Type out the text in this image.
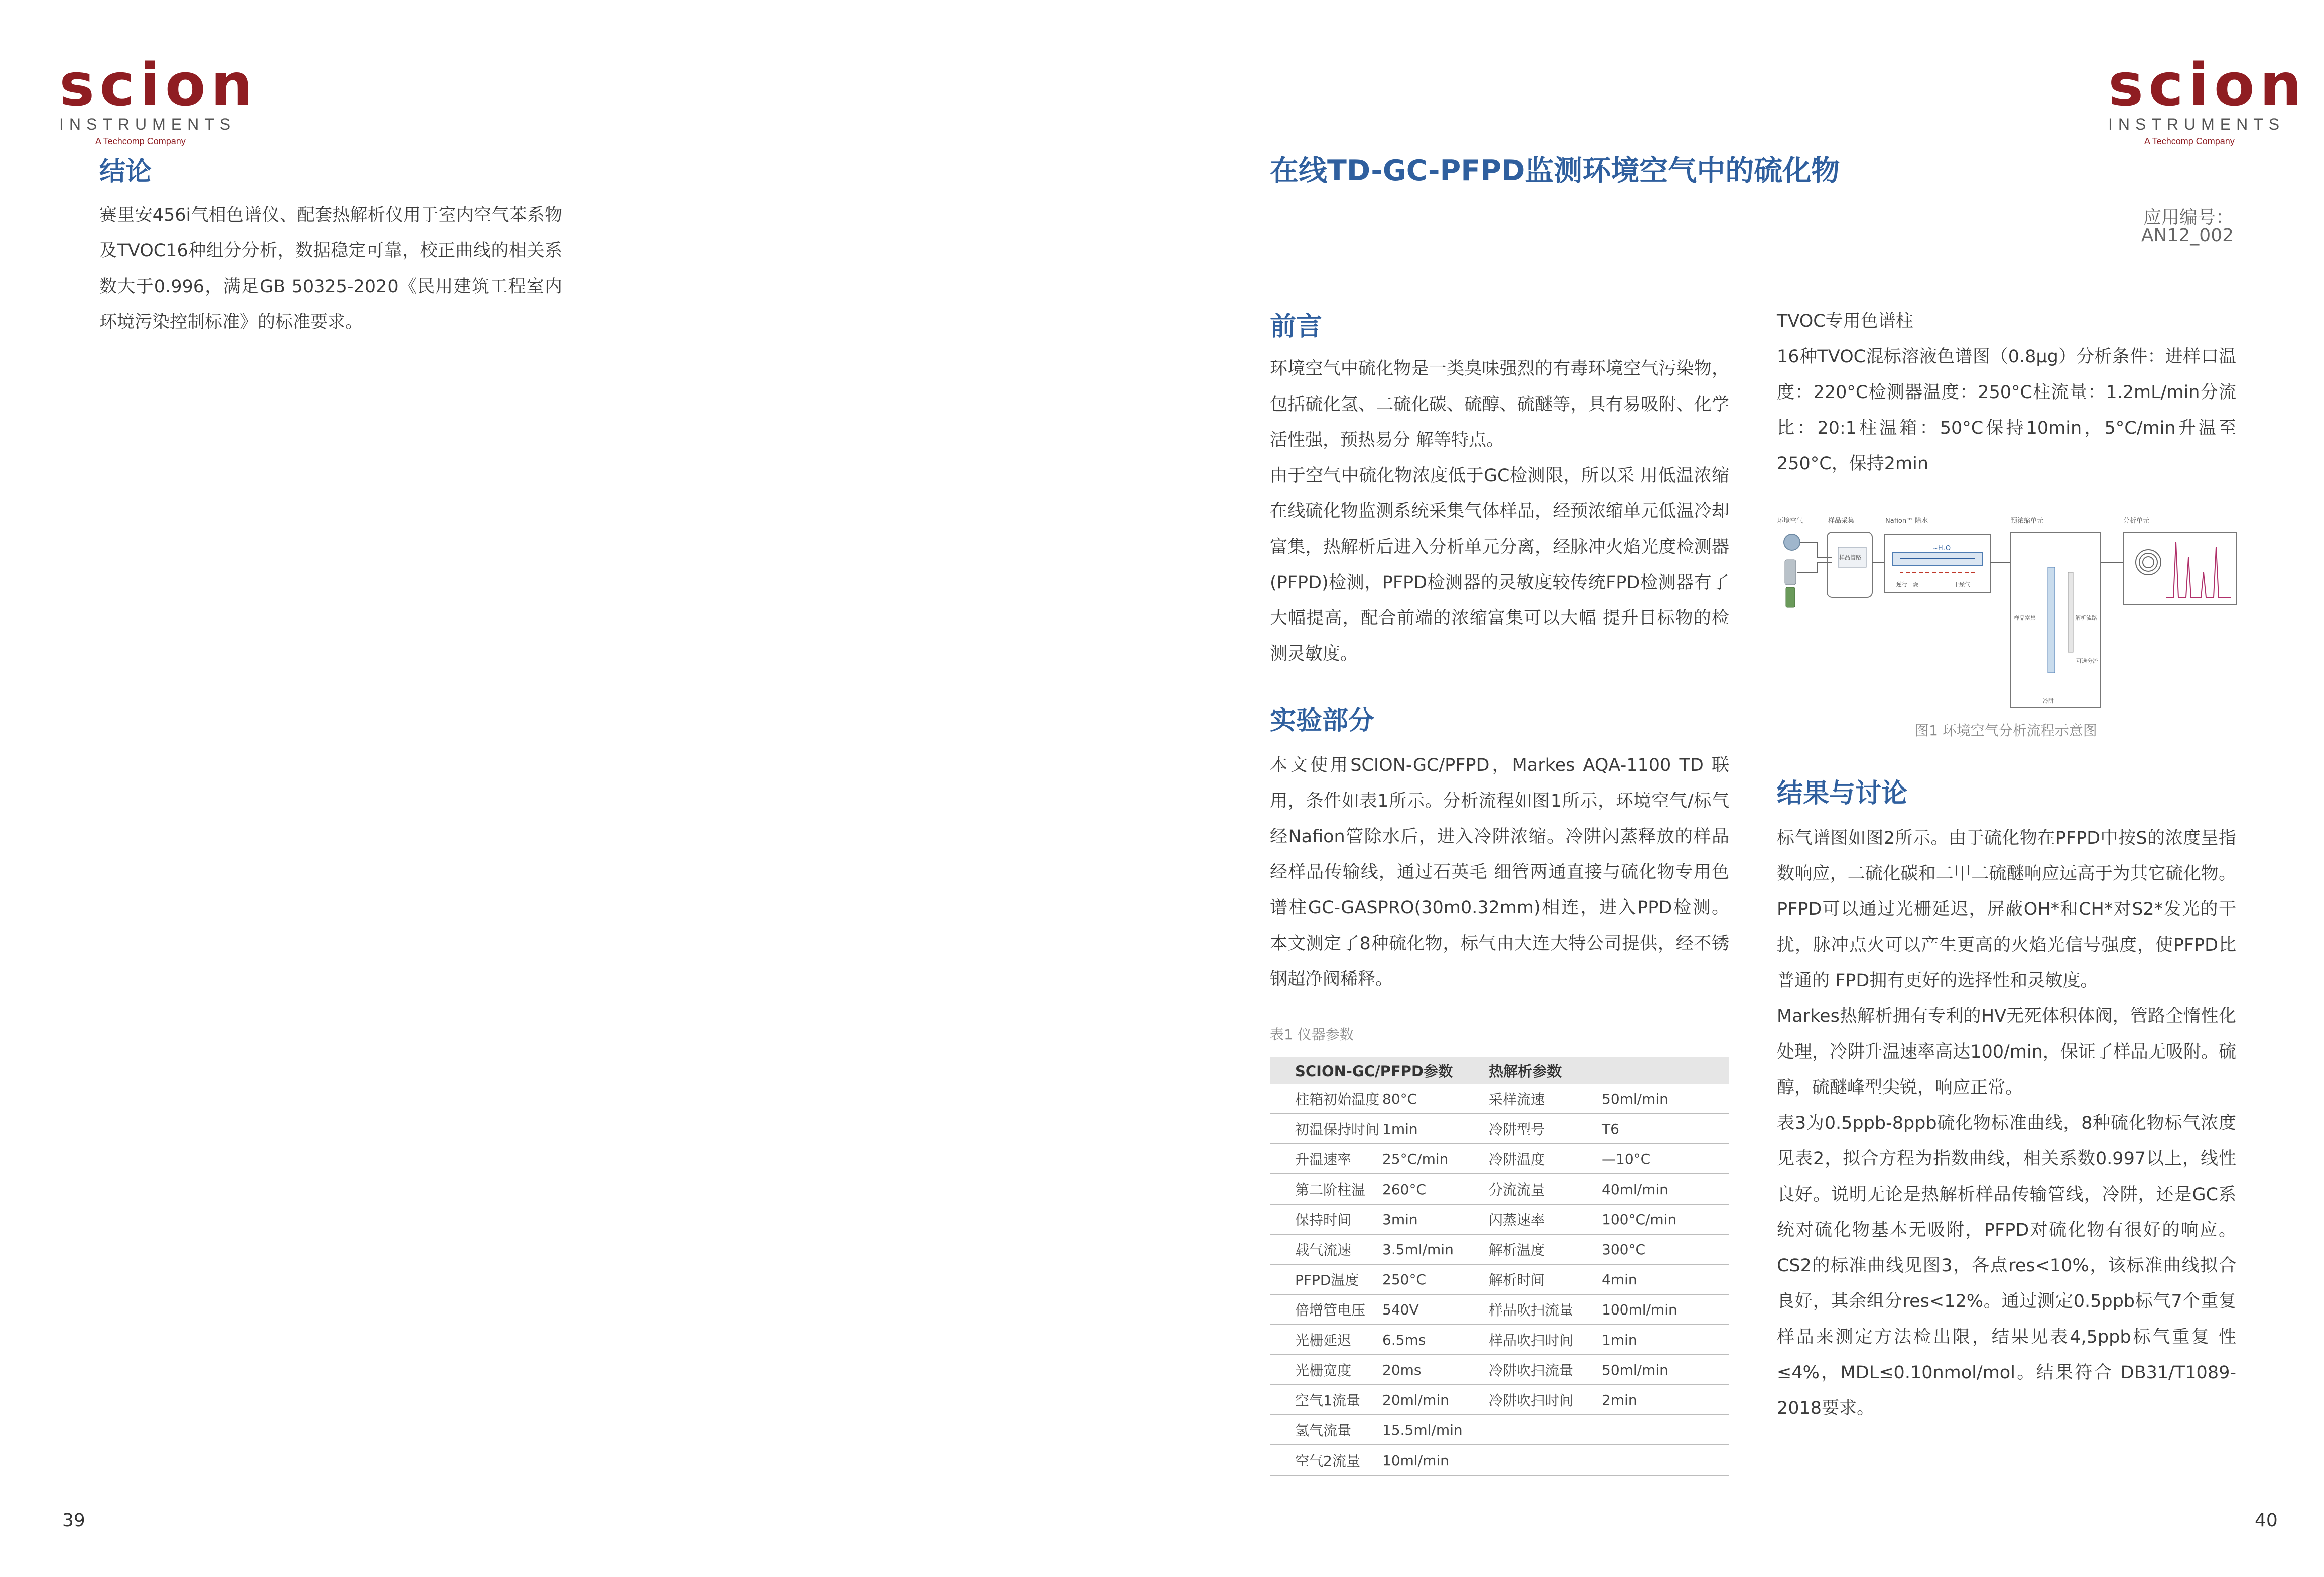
scion
INSTRUMENTS
A Techcomp Company
结论

赛里安456i气相色谱仪、配套热解析仪用于室内空气苯系物及TVOC16种组分分析，数据稳定可靠，校正曲线的相关系数大于0.996，满足GB 50325-2020《民用建筑工程室内环境污染控制标准》的标准要求。

39
scion
INSTRUMENTS
A Techcomp Company
在线TD-GC-PFPD监测环境空气中的硫化物
应用编号：AN12_002
前言

环境空气中硫化物是一类臭味强烈的有毒环境空气污染物，包括硫化氢、二硫化碳、硫醇、硫醚等，具有易吸附、化学活性强，预热易分 解等特点。

由于空气中硫化物浓度低于GC检测限，所以采 用低温浓缩在线硫化物监测系统采集气体样品，经预浓缩单元低温冷却富集，热解析后进入分析单元分离，经脉冲火焰光度检测器(PFPD)检测，PFPD检测器的灵敏度较传统FPD检测器有了大幅提高，配合前端的浓缩富集可以大幅 提升目标物的检测灵敏度。

实验部分

本文使用SCION-GC/PFPD，Markes AQA-1100 TD 联用，条件如表1所示。分析流程如图1所示，环境空气/标气经Nafion管除水后，进入冷阱浓缩。冷阱闪蒸释放的样品经样品传输线，通过石英毛 细管两通直接与硫化物专用色谱柱GC-GASPRO(30m0.32mm)相连，进入PPD检测。本文测定了8种硫化物，标气由大连大特公司提供，经不锈钢超净阀稀释。

表1 仪器参数
SCION-GC/PFPD参数		热解析参数	
柱箱初始温度	80°C	采样流速	50ml/min
初温保持时间	1min	冷阱型号	T6
升温速率	25°C/min	冷阱温度	—10°C
第二阶柱温	260°C	分流流量	40ml/min
保持时间	3min	闪蒸速率	100°C/min
载气流速	3.5ml/min	解析温度	300°C
PFPD温度	250°C	解析时间	4min
倍增管电压	540V	样品吹扫流量	100ml/min
光栅延迟	6.5ms	样品吹扫时间	1min
光栅宽度	20ms	冷阱吹扫流量	50ml/min
空气1流量	20ml/min	冷阱吹扫时间	2min
氢气流量	15.5ml/min		
空气2流量	10ml/min		

TVOC专用色谱柱

16种TVOC混标溶液色谱图（0.8μg）分析条件：进样口温度：220°C检测器温度：250°C柱流量：1.2mL/min分流比：20:1柱温箱：50°C保持10min，5°C/min升温至250°C，保持2min

环境空气	样品采集
样品管路
Nafion™ 除水
~H₂O
逆行干燥	干燥气
预浓缩单元
样品富集	解析流路
可选分流
冷阱
分析单元
图1 环境空气分析流程示意图
结果与讨论

标气谱图如图2所示。由于硫化物在PFPD中按S的浓度呈指数响应，二硫化碳和二甲二硫醚响应远高于为其它硫化物。PFPD可以通过光栅延迟，屏蔽OH*和CH*对S2*发光的干扰，脉冲点火可以产生更高的火焰光信号强度，使PFPD比普通的 FPD拥有更好的选择性和灵敏度。

Markes热解析拥有专利的HV无死体积体阀，管路全惰性化处理，冷阱升温速率高达100/min，保证了样品无吸附。硫醇，硫醚峰型尖锐，响应正常。

表3为0.5ppb-8ppb硫化物标准曲线，8种硫化物标气浓度见表2，拟合方程为指数曲线，相关系数0.997以上，线性良好。说明无论是热解析样品传输管线，冷阱，还是GC系统对硫化物基本无吸附，PFPD对硫化物有很好的响应。CS2的标准曲线见图3，各点res<10%，该标准曲线拟合良好，其余组分res<12%。通过测定0.5ppb标气7个重复样品来测定方法检出限，结果见表4,5ppb标气重复 性≤4%，MDL≤0.10nmol/mol。结果符合 DB31/T1089-2018要求。

40
